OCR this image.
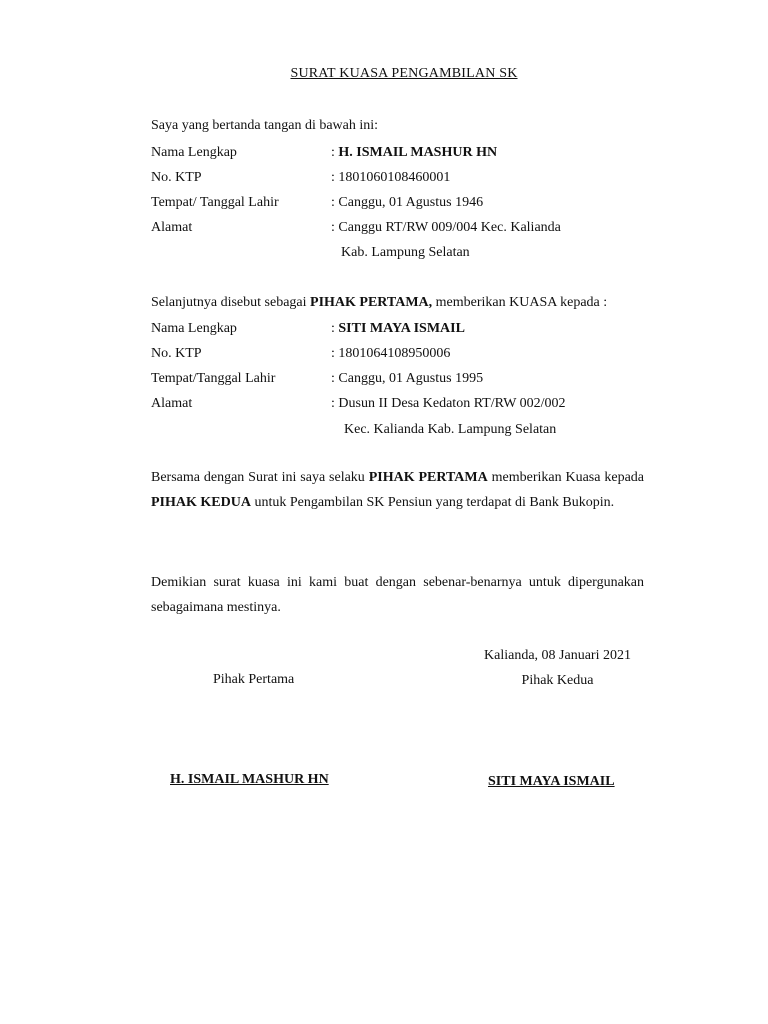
SURAT KUASA PENGAMBILAN SK
Saya yang bertanda tangan di bawah ini:
Nama Lengkap	: H. ISMAIL MASHUR HN
No. KTP	: 1801060108460001
Tempat/ Tanggal Lahir	: Canggu, 01 Agustus 1946
Alamat	: Canggu RT/RW 009/004 Kec. Kalianda
Kab. Lampung Selatan
Selanjutnya disebut sebagai PIHAK PERTAMA, memberikan KUASA kepada :
Nama Lengkap	: SITI MAYA ISMAIL
No. KTP	: 1801064108950006
Tempat/Tanggal Lahir	: Canggu, 01 Agustus 1995
Alamat	: Dusun II Desa Kedaton RT/RW 002/002
Kec. Kalianda Kab. Lampung Selatan
Bersama dengan Surat ini saya selaku PIHAK PERTAMA memberikan Kuasa kepada PIHAK KEDUA untuk Pengambilan SK Pensiun yang terdapat di Bank Bukopin.
Demikian surat kuasa ini kami buat dengan sebenar-benarnya untuk dipergunakan sebagaimana mestinya.
Kalianda, 08 Januari 2021
Pihak Kedua
Pihak Pertama
H. ISMAIL MASHUR HN	SITI MAYA ISMAIL
